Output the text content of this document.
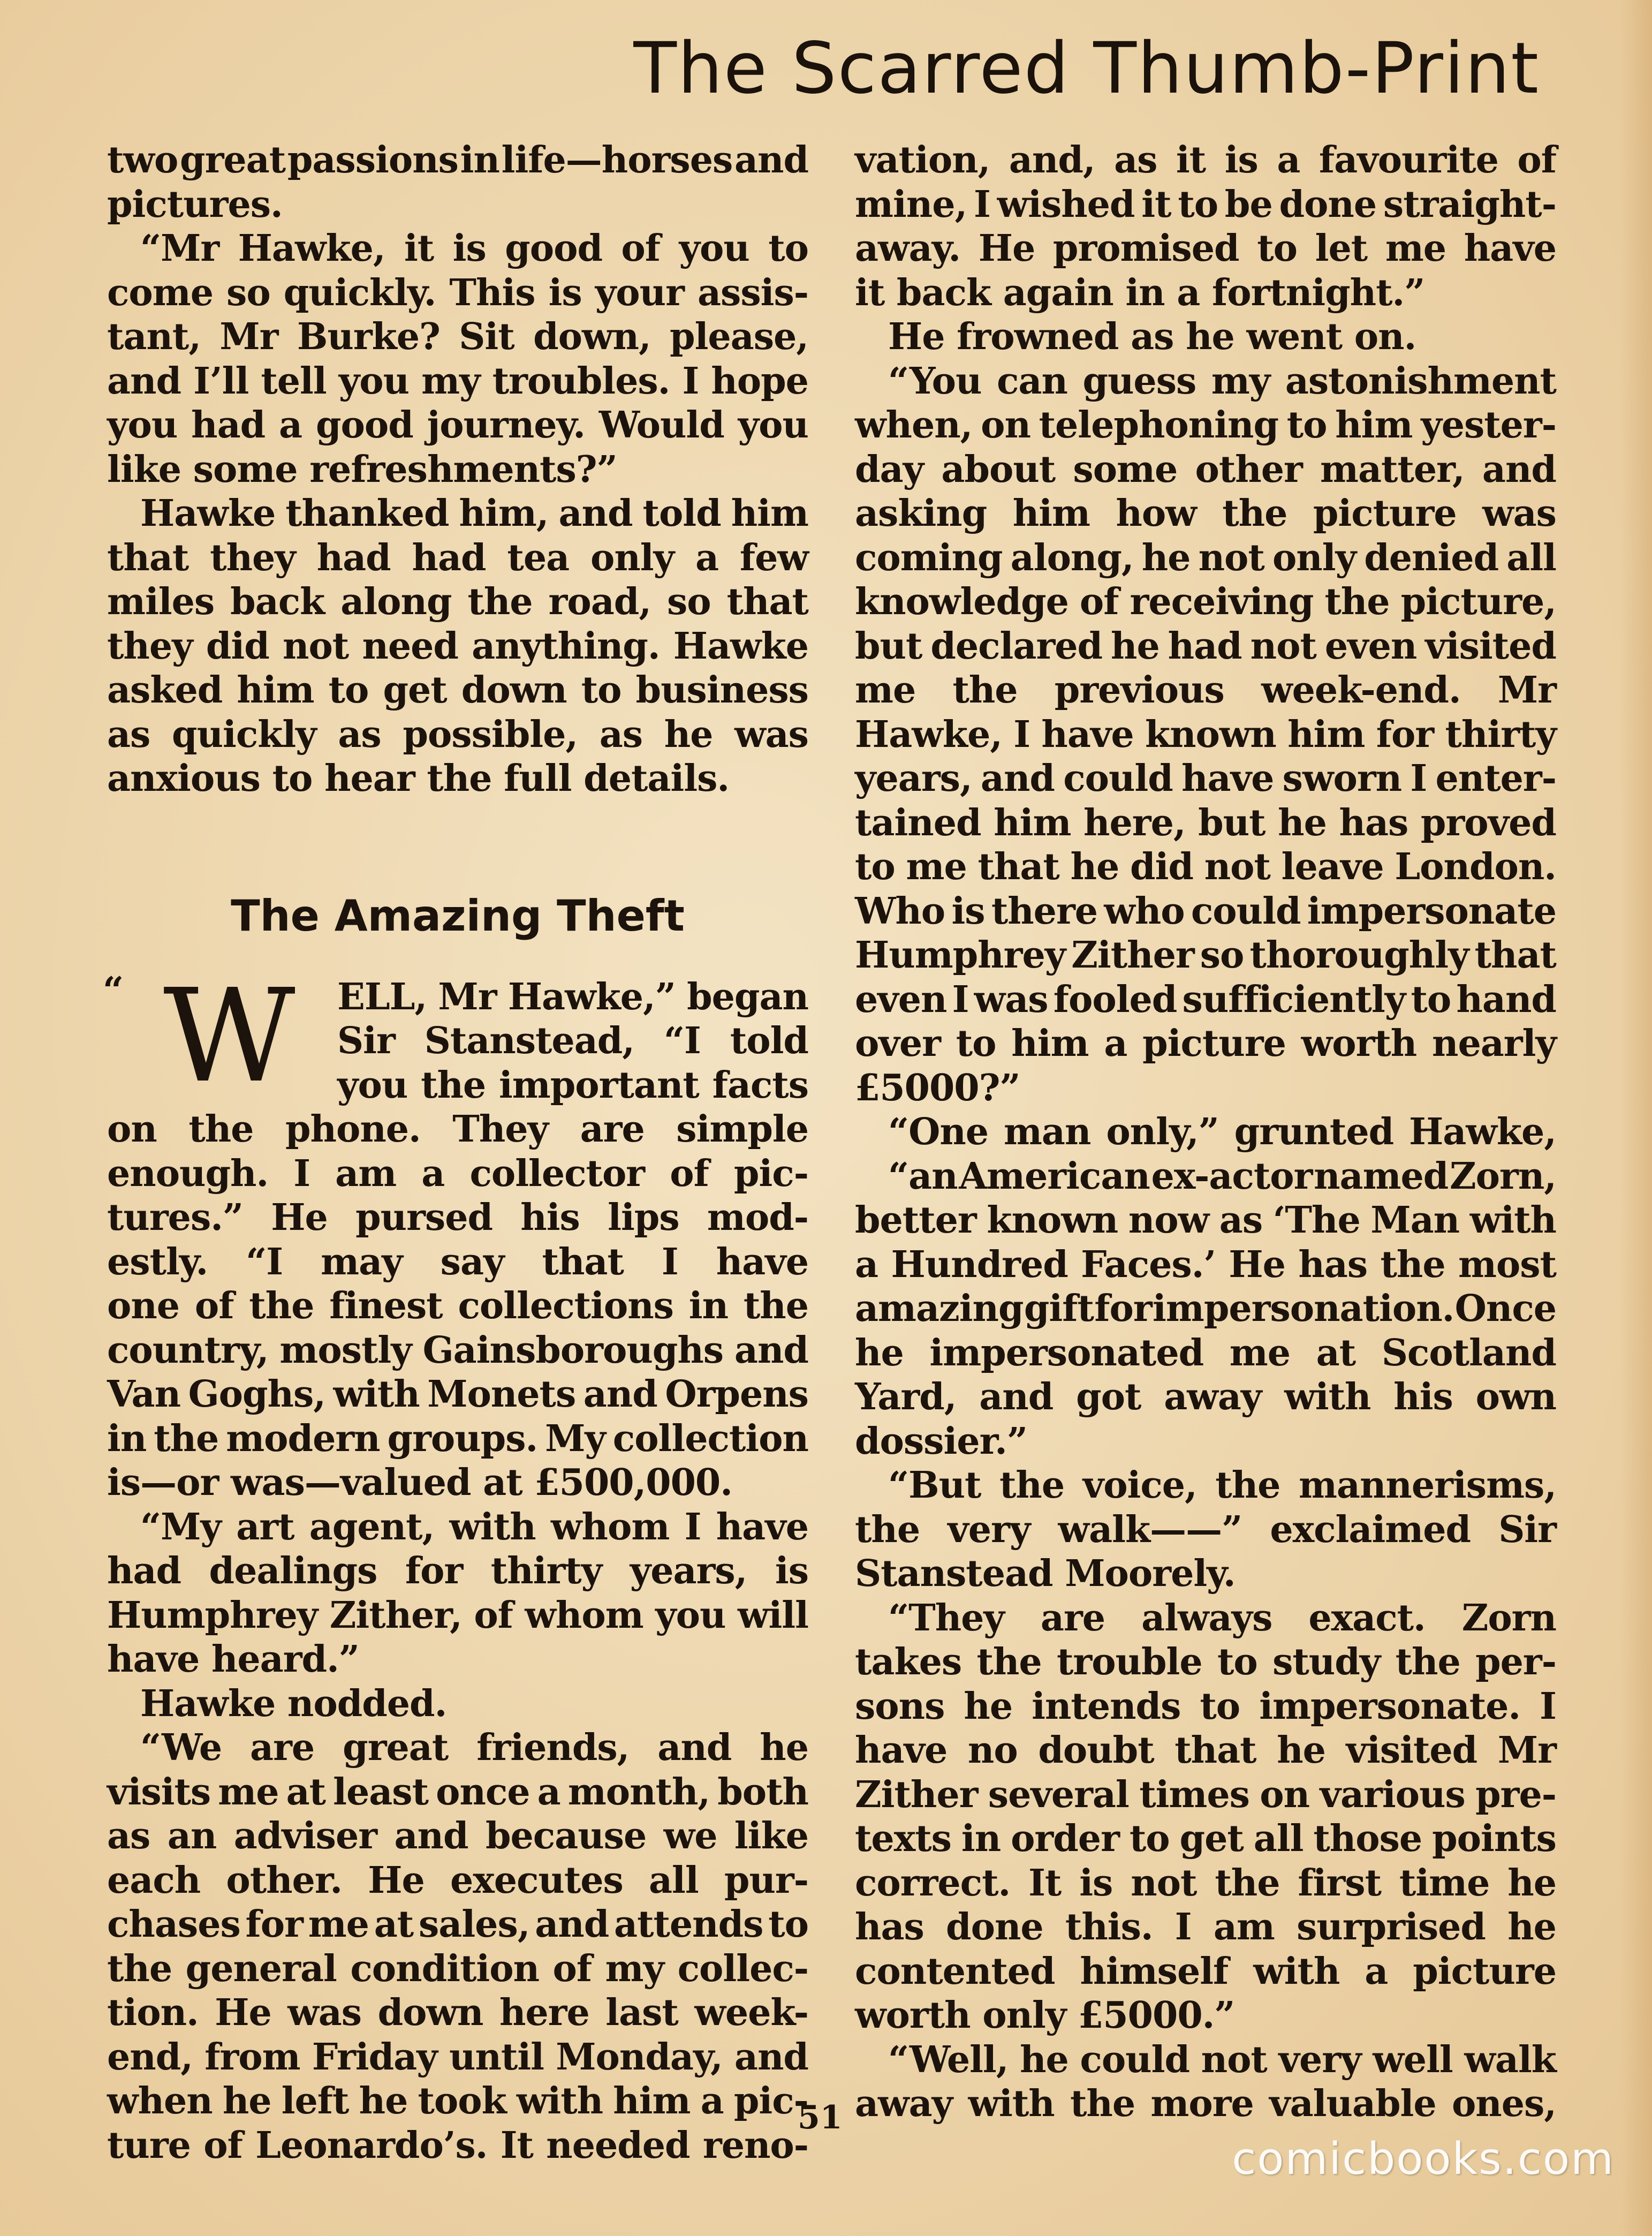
The Scarred Thumb-Print
two great passions in life—horses and
pictures.
“Mr Hawke, it is good of you to
come so quickly. This is your assis-
tant, Mr Burke? Sit down, please,
and I’ll tell you my troubles. I hope
you had a good journey. Would you
like some refreshments?”
Hawke thanked him, and told him
that they had had tea only a few
miles back along the road, so that
they did not need anything. Hawke
asked him to get down to business
as quickly as possible, as he was
anxious to hear the full details.
The Amazing Theft
“ W ELL, Mr Hawke,” began
Sir Stanstead, “I told
you the important facts
on the phone. They are simple
enough. I am a collector of pic-
tures.” He pursed his lips mod-
estly. “I may say that I have
one of the finest collections in the
country, mostly Gainsboroughs and
Van Goghs, with Monets and Orpens
in the modern groups. My collection
is—or was—valued at £500,000.
“My art agent, with whom I have
had dealings for thirty years, is
Humphrey Zither, of whom you will
have heard.”
Hawke nodded.
“We are great friends, and he
visits me at least once a month, both
as an adviser and because we like
each other. He executes all pur-
chases for me at sales, and attends to
the general condition of my collec-
tion. He was down here last week-
end, from Friday until Monday, and
when he left he took with him a pic-
ture of Leonardo’s. It needed reno-
vation, and, as it is a favourite of
mine, I wished it to be done straight-
away. He promised to let me have
it back again in a fortnight.”
He frowned as he went on.
“You can guess my astonishment
when, on telephoning to him yester-
day about some other matter, and
asking him how the picture was
coming along, he not only denied all
knowledge of receiving the picture,
but declared he had not even visited
me the previous week-end. Mr
Hawke, I have known him for thirty
years, and could have sworn I enter-
tained him here, but he has proved
to me that he did not leave London.
Who is there who could impersonate
Humphrey Zither so thoroughly that
even I was fooled sufficiently to hand
over to him a picture worth nearly
£5000?”
“One man only,” grunted Hawke,
“an American ex-actor named Zorn,
better known now as ‘The Man with
a Hundred Faces.’ He has the most
amazing gift for impersonation. Once
he impersonated me at Scotland
Yard, and got away with his own
dossier.”
“But the voice, the mannerisms,
the very walk——” exclaimed Sir
Stanstead Moorely.
“They are always exact. Zorn
takes the trouble to study the per-
sons he intends to impersonate. I
have no doubt that he visited Mr
Zither several times on various pre-
texts in order to get all those points
correct. It is not the first time he
has done this. I am surprised he
contented himself with a picture
worth only £5000.”
“Well, he could not very well walk
away with the more valuable ones,
51
comicbooks.com
